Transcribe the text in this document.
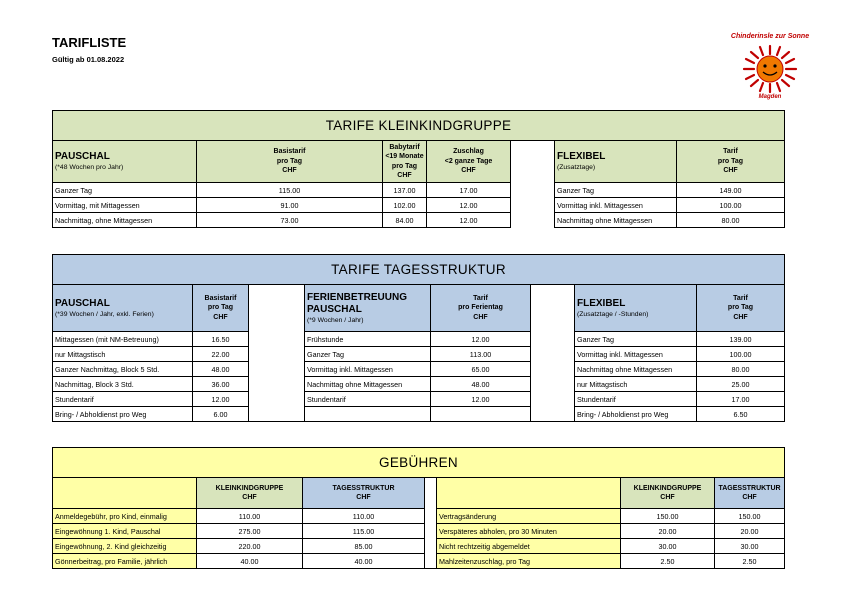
TARIFLISTE
Gültig ab 01.08.2022
Chinderinsle zur Sonne
Magden
TARIFE KLEINKINDGRUPPE						

PAUSCHAL
(*48 Wochen pro Jahr)	Basistarif
pro Tag
CHF	Babytarif
<19 Monate
pro Tag CHF	Zuschlag
<2 ganze Tage
CHF		FLEXIBEL
(Zusatztage)	Tarif
pro Tag
CHF
Ganzer Tag	115.00	137.00	17.00		Ganzer Tag	149.00
Vormittag, mit Mittagessen	91.00	102.00	12.00		Vormittag inkl. Mittagessen	100.00
Nachmittag, ohne Mittagessen	73.00	84.00	12.00		Nachmittag ohne Mittagessen	80.00
TARIFE TAGESSTRUKTUR							

PAUSCHAL
(*39 Wochen / Jahr, exkl. Ferien)	Basistarif
pro Tag
CHF		FERIENBETREUUNG
PAUSCHAL
(*9 Wochen / Jahr)	Tarif
pro Ferientag
CHF		FLEXIBEL
(Zusatztage / -Stunden)	Tarif
pro Tag
CHF
Mittagessen (mit NM-Betreuung)	16.50		Frühstunde	12.00		Ganzer Tag	139.00
nur Mittagstisch	22.00		Ganzer Tag	113.00		Vormittag inkl. Mittagessen	100.00
Ganzer Nachmittag, Block 5 Std.	48.00		Vormittag inkl. Mittagessen	65.00		Nachmittag ohne Mittagessen	80.00
Nachmittag, Block 3 Std.	36.00		Nachmittag ohne Mittagessen	48.00		nur Mittagstisch	25.00
Stundentarif	12.00		Stundentarif	12.00		Stundentarif	17.00
Bring- / Abholdienst pro Weg	6.00					Bring- / Abholdienst pro Weg	6.50
GEBÜHREN						
	KLEINKINDGRUPPE
CHF	TAGESSTRUKTUR
CHF			KLEINKINDGRUPPE
CHF	TAGESSTRUKTUR
CHF
Anmeldegebühr, pro Kind, einmalig	110.00	110.00		Vertragsänderung	150.00	150.00
Eingewöhnung 1. Kind, Pauschal	275.00	115.00		Verspäteres abholen, pro 30 Minuten	20.00	20.00
Eingewöhnung, 2. Kind gleichzeitig	220.00	85.00		Nicht rechtzeitig abgemeldet	30.00	30.00
Gönnerbeitrag, pro Familie, jährlich	40.00	40.00		Mahlzeitenzuschlag, pro Tag	2.50	2.50
